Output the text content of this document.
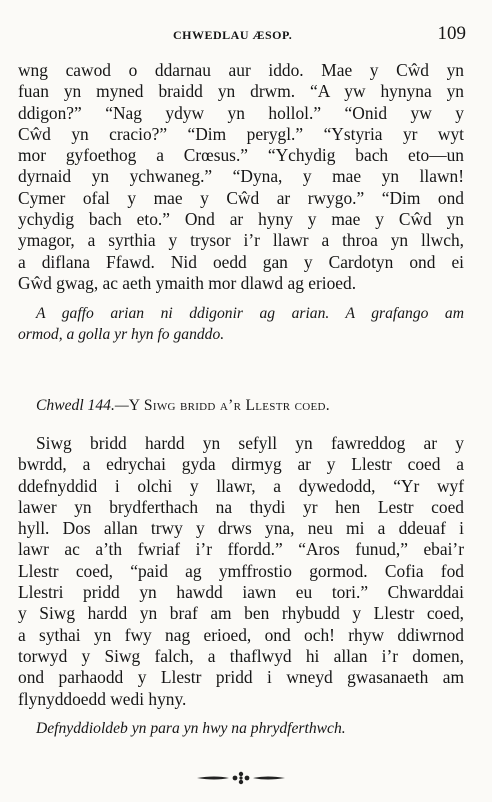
CHWEDLAU ÆSOP.	109
wng cawod o ddarnau aur iddo. Mae y Cŵd yn
fuan yn myned braidd yn drwm. “A yw hynyna yn
ddigon?” “Nag ydyw yn hollol.” “Onid yw y
Cŵd yn cracio?” “Dim perygl.” “Ystyria yr wyt
mor gyfoethog a Crœsus.” “Ychydig bach eto—un
dyrnaid yn ychwaneg.” “Dyna, y mae yn llawn!
Cymer ofal y mae y Cŵd ar rwygo.” “Dim ond
ychydig bach eto.” Ond ar hyny y mae y Cŵd yn
ymagor, a syrthia y trysor i’r llawr a throa yn llwch,
a diflana Ffawd. Nid oedd gan y Cardotyn ond ei
Gŵd gwag, ac aeth ymaith mor dlawd ag erioed.
A gaffo arian ni ddigonir ag arian. A grafango am
ormod, a golla yr hyn fo ganddo.
Chwedl 144.—Y Siwg bridd a’r Llestr coed.
Siwg bridd hardd yn sefyll yn fawreddog ar y
bwrdd, a edrychai gyda dirmyg ar y Llestr coed a
ddefnyddid i olchi y llawr, a dywedodd, “Yr wyf
lawer yn brydferthach na thydi yr hen Lestr coed
hyll. Dos allan trwy y drws yna, neu mi a ddeuaf i
lawr ac a’th fwriaf i’r ffordd.” “Aros funud,” ebai’r
Llestr coed, “paid ag ymffrostio gormod. Cofia fod
Llestri pridd yn hawdd iawn eu tori.” Chwarddai
y Siwg hardd yn braf am ben rhybudd y Llestr coed,
a sythai yn fwy nag erioed, ond och! rhyw ddiwrnod
torwyd y Siwg falch, a thaflwyd hi allan i’r domen,
ond parhaodd y Llestr pridd i wneyd gwasanaeth am
flynyddoedd wedi hyny.
Defnyddioldeb yn para yn hwy na phrydferthwch.
